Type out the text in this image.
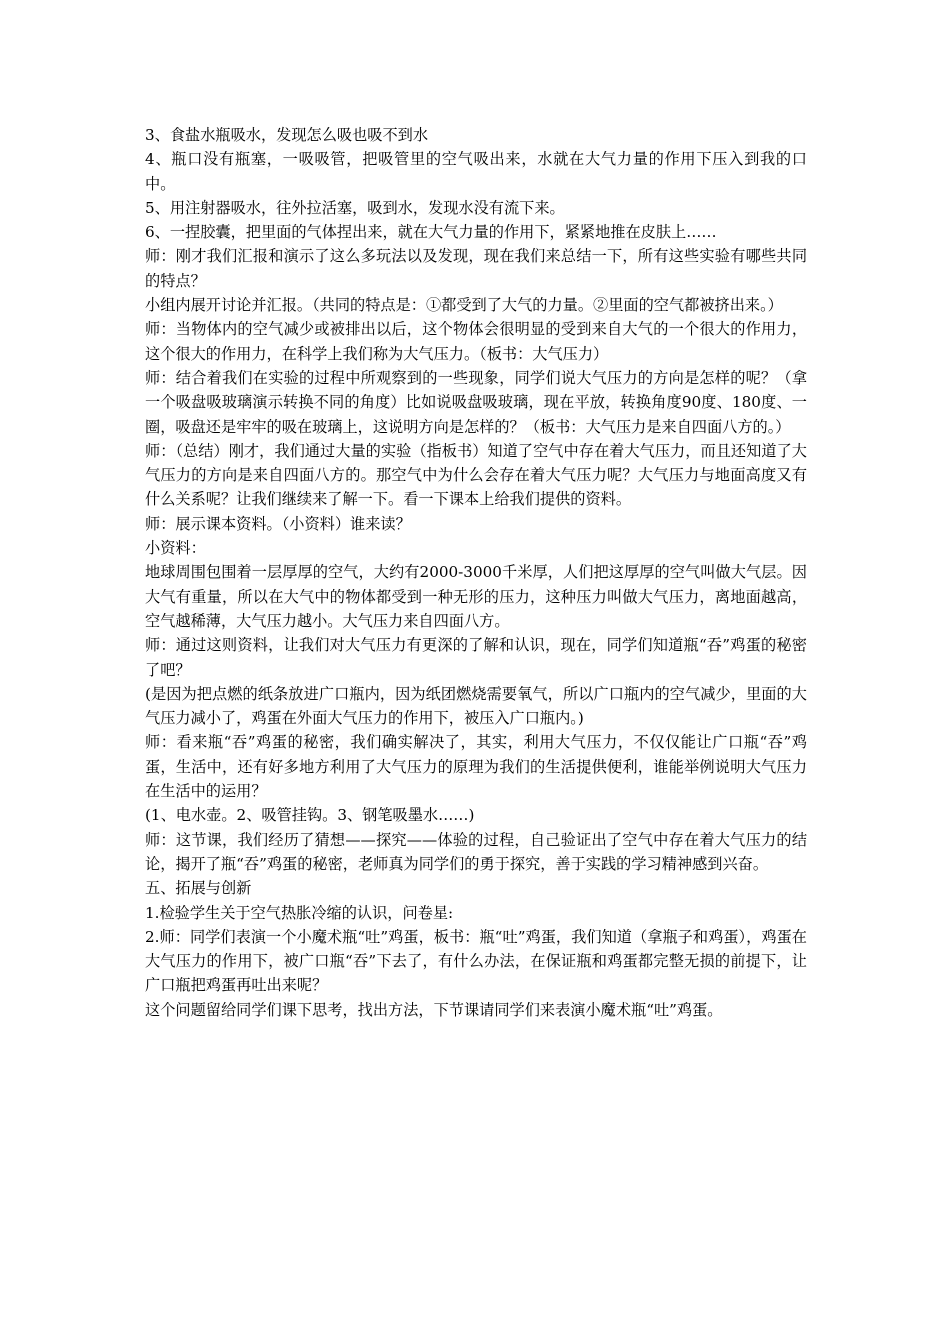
3、食盐水瓶吸水，发现怎么吸也吸不到水

4、瓶口没有瓶塞，一吸吸管，把吸管里的空气吸出来，水就在大气力量的作用下压入到我的口中。

5、用注射器吸水，往外拉活塞，吸到水，发现水没有流下来。

6、一捏胶囊，把里面的气体捏出来，就在大气力量的作用下，紧紧地推在皮肤上……

师：刚才我们汇报和演示了这么多玩法以及发现，现在我们来总结一下，所有这些实验有哪些共同的特点？

小组内展开讨论并汇报。（共同的特点是：①都受到了大气的力量。②里面的空气都被挤出来。）

师：当物体内的空气减少或被排出以后，这个物体会很明显的受到来自大气的一个很大的作用力，这个很大的作用力，在科学上我们称为大气压力。（板书：大气压力）

师：结合着我们在实验的过程中所观察到的一些现象，同学们说大气压力的方向是怎样的呢？（拿一个吸盘吸玻璃演示转换不同的角度）比如说吸盘吸玻璃，现在平放，转换角度90度、180度、一圈，吸盘还是牢牢的吸在玻璃上，这说明方向是怎样的？（板书：大气压力是来自四面八方的。）

师：（总结）刚才，我们通过大量的实验（指板书）知道了空气中存在着大气压力，而且还知道了大气压力的方向是来自四面八方的。那空气中为什么会存在着大气压力呢？大气压力与地面高度又有什么关系呢？让我们继续来了解一下。看一下课本上给我们提供的资料。

师：展示课本资料。（小资料）谁来读？

小资料：

地球周围包围着一层厚厚的空气，大约有2000-3000千米厚，人们把这厚厚的空气叫做大气层。因大气有重量，所以在大气中的物体都受到一种无形的压力，这种压力叫做大气压力，离地面越高，空气越稀薄，大气压力越小。大气压力来自四面八方。

师：通过这则资料，让我们对大气压力有更深的了解和认识，现在，同学们知道瓶“吞”鸡蛋的秘密了吧？

(是因为把点燃的纸条放进广口瓶内，因为纸团燃烧需要氧气，所以广口瓶内的空气减少，里面的大气压力减小了，鸡蛋在外面大气压力的作用下，被压入广口瓶内。)

师：看来瓶“吞”鸡蛋的秘密，我们确实解决了，其实，利用大气压力，不仅仅能让广口瓶“吞”鸡蛋，生活中，还有好多地方利用了大气压力的原理为我们的生活提供便利，谁能举例说明大气压力在生活中的运用？

(1、电水壶。2、吸管挂钩。3、钢笔吸墨水……)

师：这节课，我们经历了猜想——探究——体验的过程，自己验证出了空气中存在着大气压力的结论，揭开了瓶“吞”鸡蛋的秘密，老师真为同学们的勇于探究，善于实践的学习精神感到兴奋。

五、拓展与创新

1.检验学生关于空气热胀冷缩的认识，问卷星:

2.师：同学们表演一个小魔术瓶“吐”鸡蛋，板书：瓶“吐”鸡蛋，我们知道（拿瓶子和鸡蛋），鸡蛋在大气压力的作用下，被广口瓶“吞”下去了，有什么办法，在保证瓶和鸡蛋都完整无损的前提下，让广口瓶把鸡蛋再吐出来呢？

这个问题留给同学们课下思考，找出方法，下节课请同学们来表演小魔术瓶“吐”鸡蛋。
